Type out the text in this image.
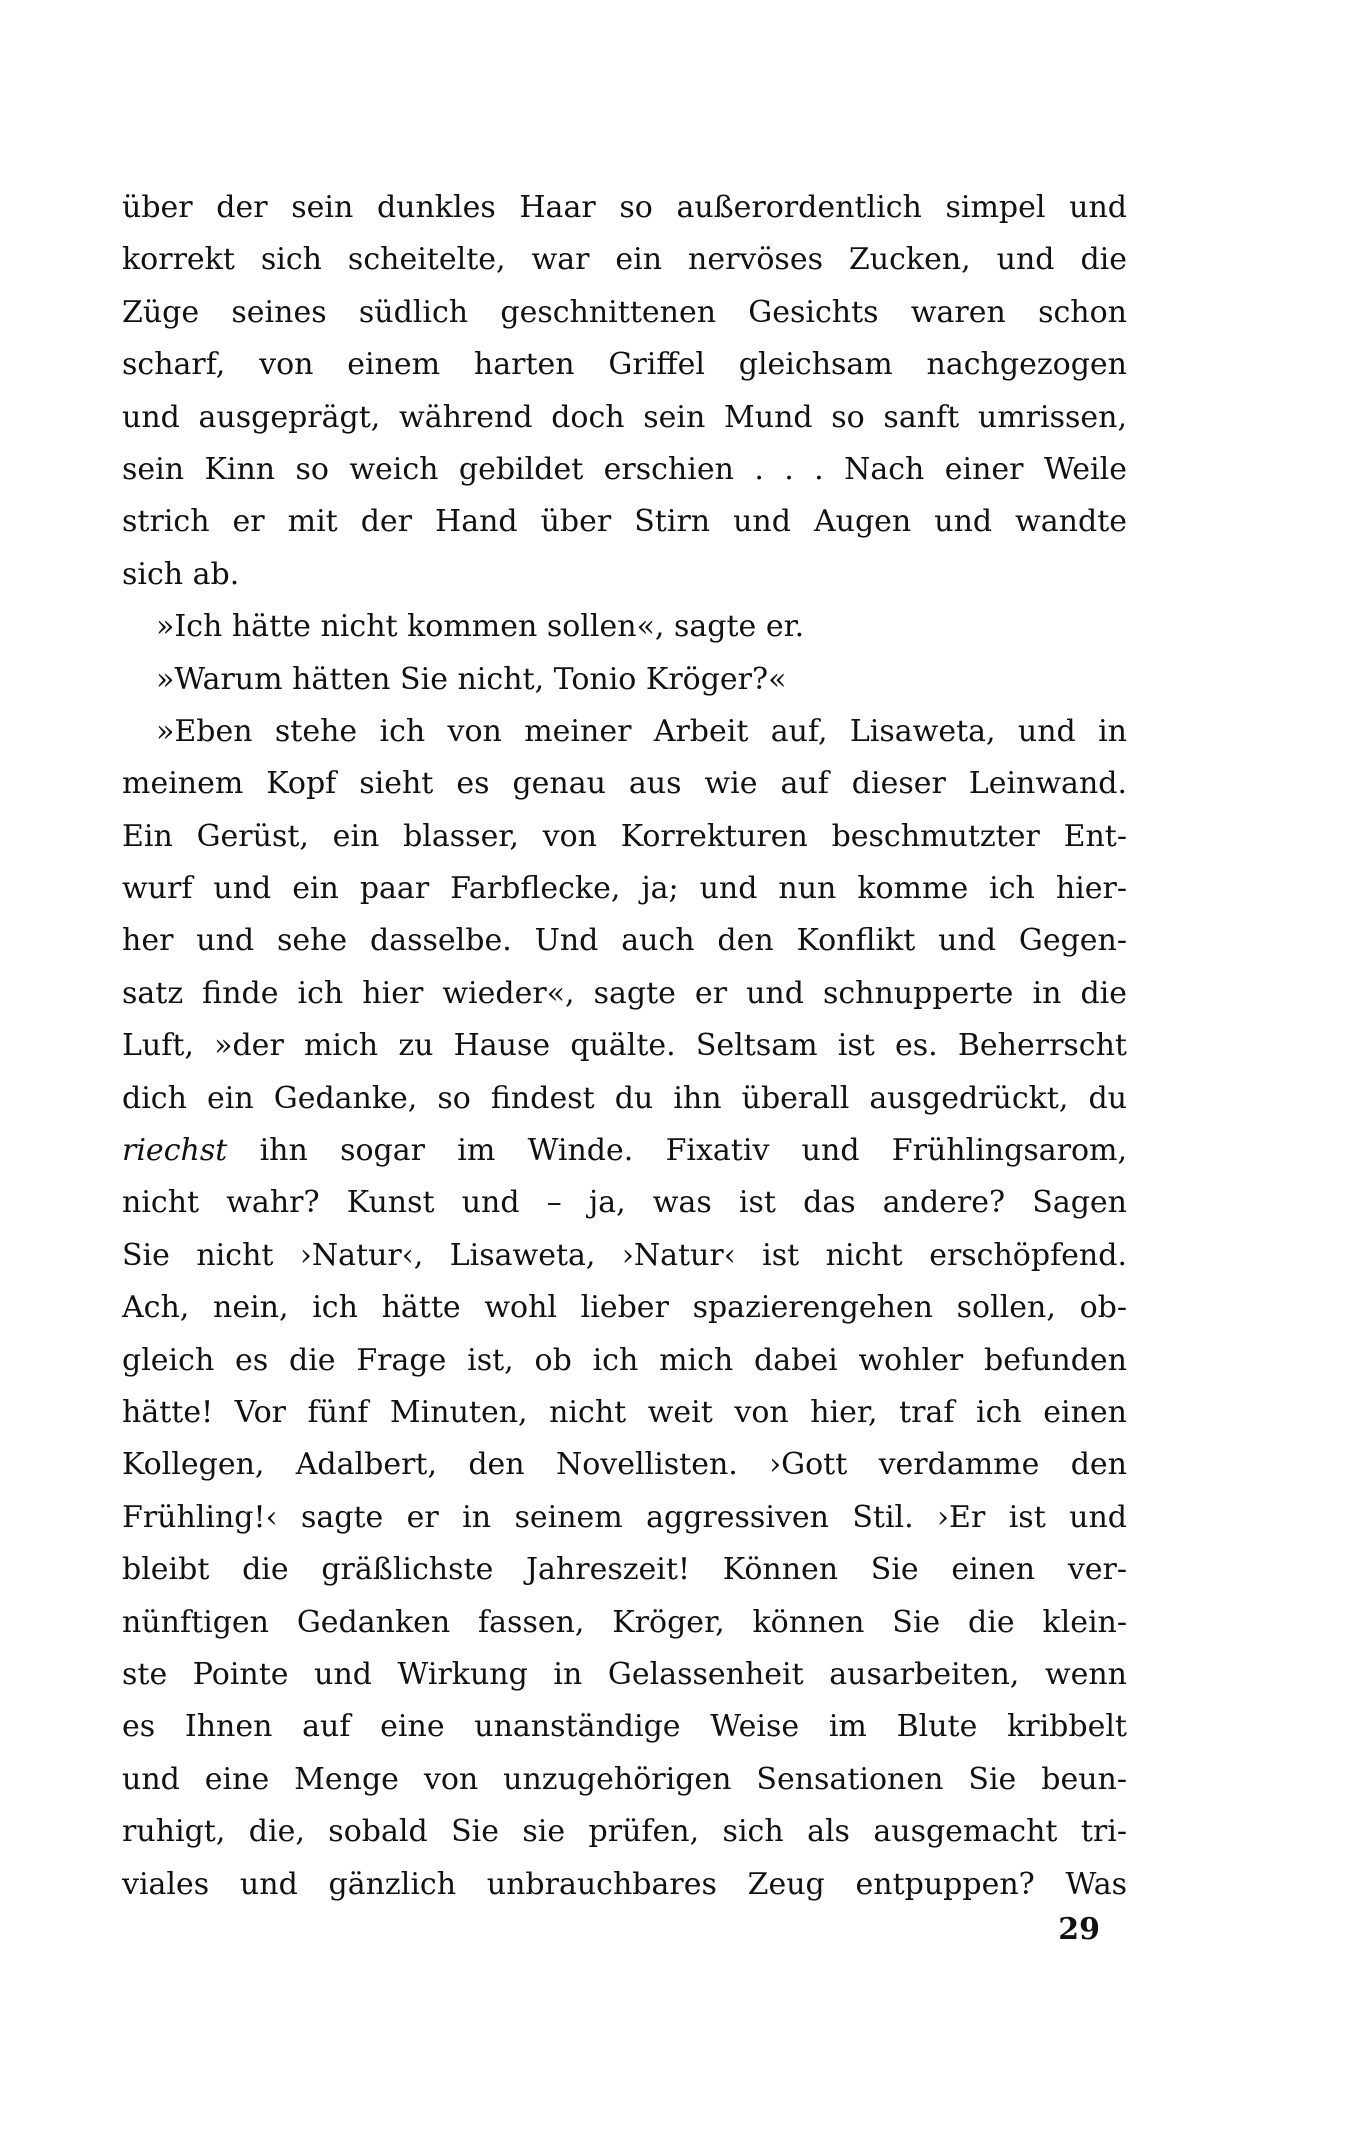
über der sein dunkles Haar so außerordentlich simpel und
korrekt sich scheitelte, war ein nervöses Zucken, und die
Züge seines südlich geschnittenen Gesichts waren schon
scharf, von einem harten Griffel gleichsam nachgezogen
und ausgeprägt, während doch sein Mund so sanft umrissen,
sein Kinn so weich gebildet erschien . . . Nach einer Weile
strich er mit der Hand über Stirn und Augen und wandte
sich ab.
»Ich hätte nicht kommen sollen«, sagte er.
»Warum hätten Sie nicht, Tonio Kröger?«
»Eben stehe ich von meiner Arbeit auf, Lisaweta, und in
meinem Kopf sieht es genau aus wie auf dieser Leinwand.
Ein Gerüst, ein blasser, von Korrekturen beschmutzter Ent-
wurf und ein paar Farbflecke, ja; und nun komme ich hier-
her und sehe dasselbe. Und auch den Konflikt und Gegen-
satz finde ich hier wieder«, sagte er und schnupperte in die
Luft, »der mich zu Hause quälte. Seltsam ist es. Beherrscht
dich ein Gedanke, so findest du ihn überall ausgedrückt, du
riechst ihn sogar im Winde. Fixativ und Frühlingsarom,
nicht wahr? Kunst und – ja, was ist das andere? Sagen
Sie nicht ›Natur‹, Lisaweta, ›Natur‹ ist nicht erschöpfend.
Ach, nein, ich hätte wohl lieber spazierengehen sollen, ob-
gleich es die Frage ist, ob ich mich dabei wohler befunden
hätte! Vor fünf Minuten, nicht weit von hier, traf ich einen
Kollegen, Adalbert, den Novellisten. ›Gott verdamme den
Frühling!‹ sagte er in seinem aggressiven Stil. ›Er ist und
bleibt die gräßlichste Jahreszeit! Können Sie einen ver-
nünftigen Gedanken fassen, Kröger, können Sie die klein-
ste Pointe und Wirkung in Gelassenheit ausarbeiten, wenn
es Ihnen auf eine unanständige Weise im Blute kribbelt
und eine Menge von unzugehörigen Sensationen Sie beun-
ruhigt, die, sobald Sie sie prüfen, sich als ausgemacht tri-
viales und gänzlich unbrauchbares Zeug entpuppen? Was
29
